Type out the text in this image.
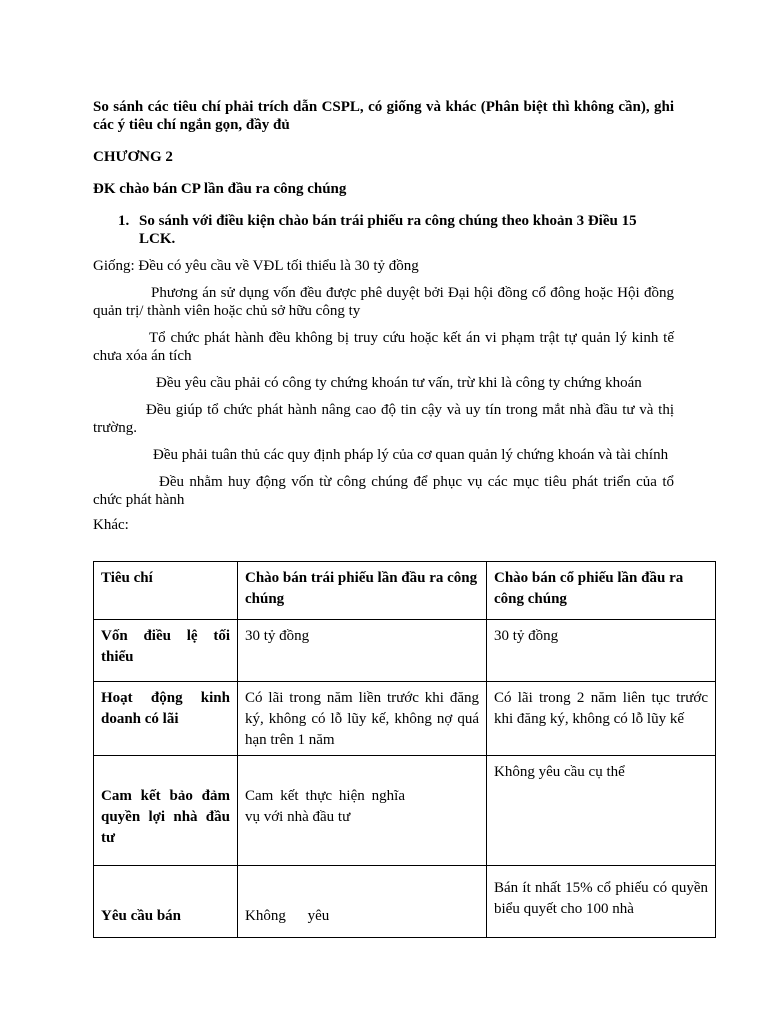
So sánh các tiêu chí phải trích dẫn CSPL, có giống và khác (Phân biệt thì không cần), ghi các ý tiêu chí ngắn gọn, đầy đủ

CHƯƠNG 2

ĐK chào bán CP lần đầu ra công chúng

1. So sánh với điều kiện chào bán trái phiếu ra công chúng theo khoản 3 Điều 15 LCK.

Giống: Đều có yêu cầu về VĐL tối thiểu là 30 tỷ đồng

Phương án sử dụng vốn đều được phê duyệt bởi Đại hội đồng cổ đông hoặc Hội đồng quản trị/ thành viên hoặc chủ sở hữu công ty

Tổ chức phát hành đều không bị truy cứu hoặc kết án vi phạm trật tự quản lý kinh tế chưa xóa án tích

Đều yêu cầu phải có công ty chứng khoán tư vấn, trừ khi là công ty chứng khoán

Đều giúp tổ chức phát hành nâng cao độ tin cậy và uy tín trong mắt nhà đầu tư và thị trường.

Đều phải tuân thủ các quy định pháp lý của cơ quan quản lý chứng khoán và tài chính

Đều nhằm huy động vốn từ công chúng để phục vụ các mục tiêu phát triển của tổ chức phát hành

Khác:

Tiêu chí	Chào bán trái phiếu lần đầu ra công chúng	Chào bán cổ phiếu lần đầu ra công chúng
Vốn điều lệ tối thiểu	30 tỷ đồng	30 tỷ đồng
Hoạt động kinh doanh có lãi	Có lãi trong năm liền trước khi đăng ký, không có lỗ lũy kế, không nợ quá hạn trên 1 năm	Có lãi trong 2 năm liên tục trước khi đăng ký, không có lỗ lũy kế
Cam kết bảo đảm quyền lợi nhà đầu tư	Cam kết thực hiện nghĩa vụ với nhà đầu tư	Không yêu cầu cụ thể
Yêu cầu bán	Không yêu	Bán ít nhất 15% cổ phiếu có quyền biểu quyết cho 100 nhà
